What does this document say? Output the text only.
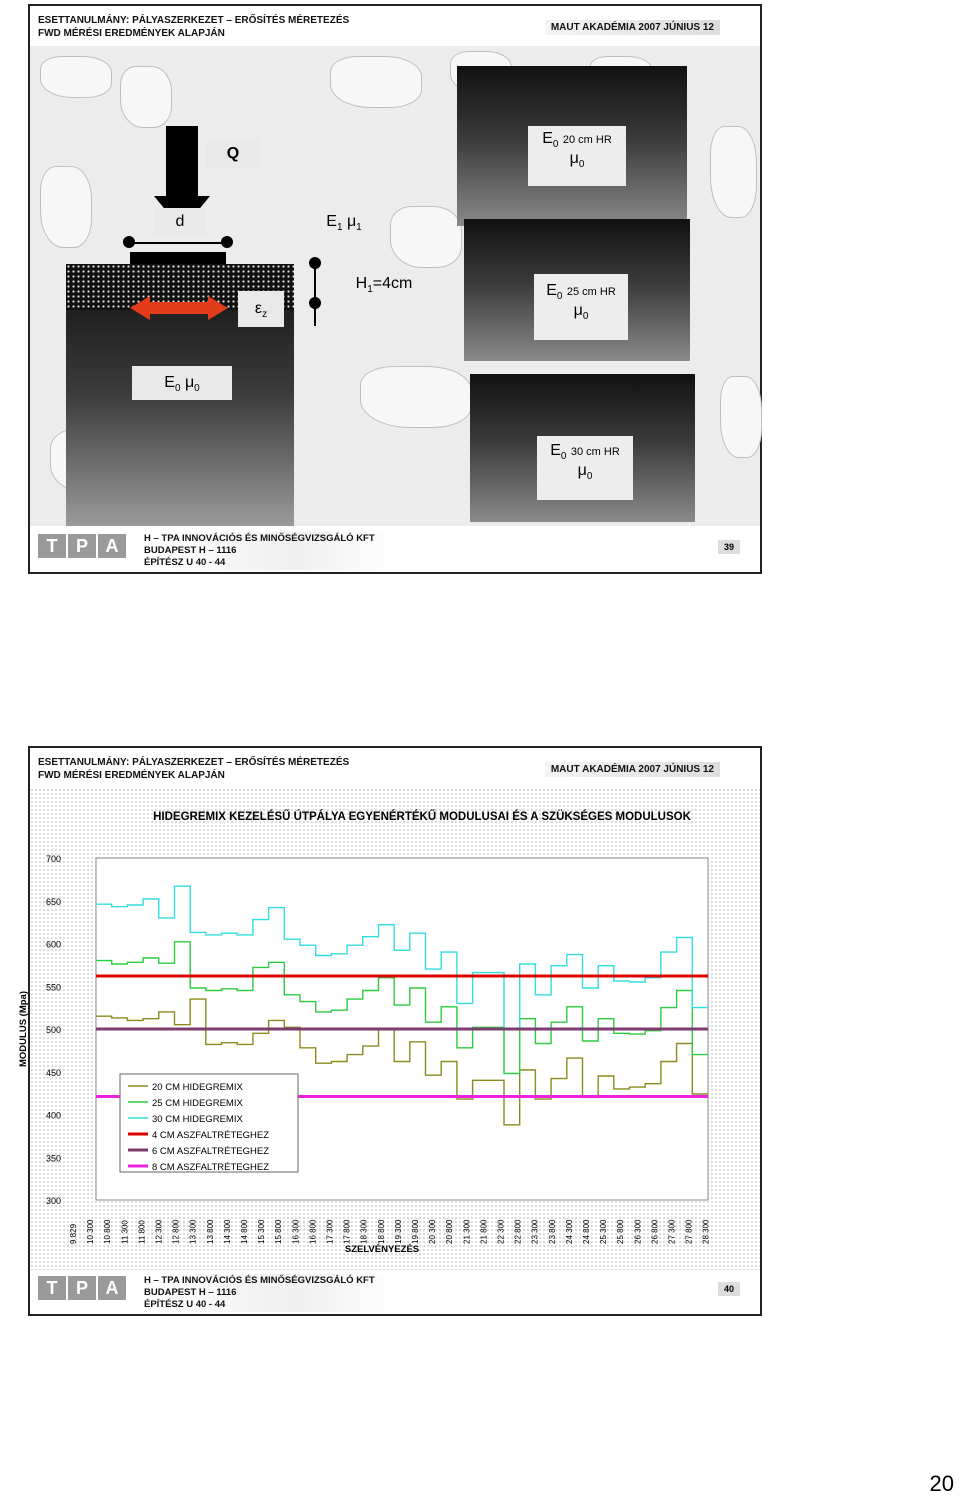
ESETTANULMÁNY: PÁLYASZERKEZET – ERŐSÍTÉS MÉRETEZÉS
FWD MÉRÉSI EREDMÉNYEK ALAPJÁN
MAUT AKADÉMIA 2007 JÚNIUS 12
Q
d	$E_1$ $\mu_1$
$H_1=4cm$
$\varepsilon_z$
$E_0$ $\mu_0$
$E_0$ 20 cm HR
$\mu_0$
$E_0$ 25 cm HR
$\mu_0$
$E_0$ 30 cm HR
$\mu_0$
T	P A	H – TPA INNOVÁCIÓS ÉS MINŐSÉGVIZSGÁLÓ KFT
BUDAPEST H – 1116
ÉPÍTÉSZ U 40 - 44
39
ESETTANULMÁNY: PÁLYASZERKEZET – ERŐSÍTÉS MÉRETEZÉS
FWD MÉRÉSI EREDMÉNYEK ALAPJÁN
MAUT AKADÉMIA 2007 JÚNIUS 12
HIDEGREMIX KEZELÉSŰ ÚTPÁLYA EGYENÉRTÉKŰ MODULUSAI ÉS A SZÜKSÉGES MODULUSOK
300
350
400
450
500
550
600
650
700
MODULUS (Mpa)
9 829 10 300 10 800 11 300 11 800 12 300 12 800 13 300 13 800 14 300 14 800 15 300 15 800 16 300 16 800 17 300 17 800 18 300 18 800 19 300 19 800 20 300 20 800 21 300 21 800 22 300 22 800 23 300 23 800 24 300 24 800 25 300 25 800 26 300 26 800 27 300 27 800 28 300
SZELVÉNYEZÉS
20 CM HIDEGREMIX
25 CM HIDEGREMIX
30 CM HIDEGREMIX
4 CM ASZFALTRÉTEGHEZ
6 CM ASZFALTRÉTEGHEZ
8 CM ASZFALTRÉTEGHEZ
T	P A	H – TPA INNOVÁCIÓS ÉS MINŐSÉGVIZSGÁLÓ KFT
BUDAPEST H – 1116
ÉPÍTÉSZ U 40 - 44
40
20
